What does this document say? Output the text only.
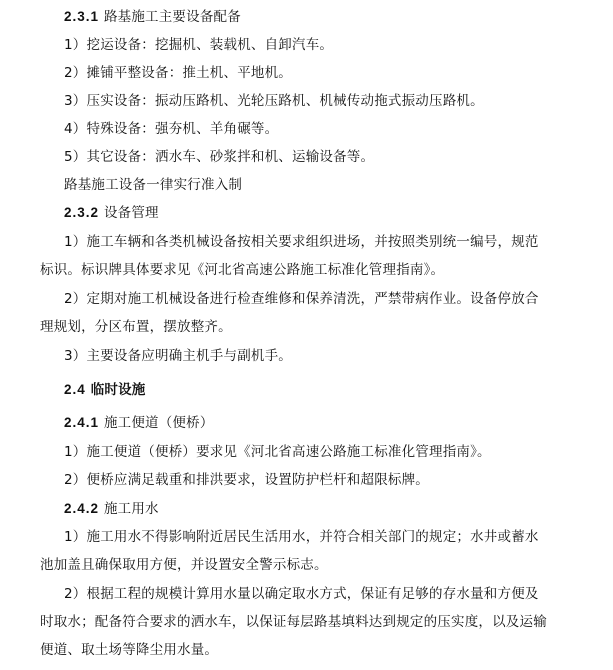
2.3.1 路基施工主要设备配备
1）挖运设备：挖掘机、装载机、自卸汽车。
2）摊铺平整设备：推土机、平地机。
3）压实设备：振动压路机、光轮压路机、机械传动拖式振动压路机。
4）特殊设备：强夯机、羊角碾等。
5）其它设备：洒水车、砂浆拌和机、运输设备等。
路基施工设备一律实行准入制
2.3.2 设备管理
1）施工车辆和各类机械设备按相关要求组织进场，并按照类别统一编号，规范
标识。标识牌具体要求见《河北省高速公路施工标准化管理指南》。
2）定期对施工机械设备进行检查维修和保养清洗，严禁带病作业。设备停放合
理规划，分区布置，摆放整齐。
3）主要设备应明确主机手与副机手。
2.4 临时设施
2.4.1 施工便道（便桥）
1）施工便道（便桥）要求见《河北省高速公路施工标准化管理指南》。
2）便桥应满足载重和排洪要求，设置防护栏杆和超限标牌。
2.4.2 施工用水
1）施工用水不得影响附近居民生活用水，并符合相关部门的规定；水井或蓄水
池加盖且确保取用方便，并设置安全警示标志。
2）根据工程的规模计算用水量以确定取水方式，保证有足够的存水量和方便及
时取水；配备符合要求的洒水车，以保证每层路基填料达到规定的压实度，以及运输
便道、取土场等降尘用水量。
